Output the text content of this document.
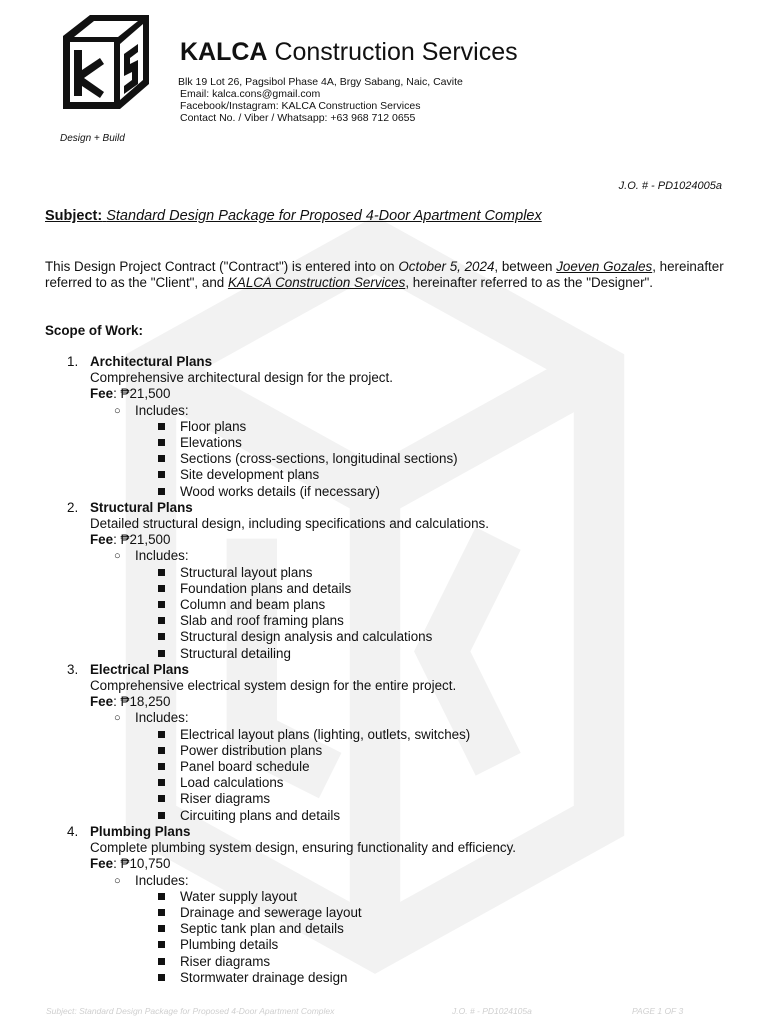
KALCA Construction Services
Blk 19 Lot 26, Pagsibol Phase 4A, Brgy Sabang, Naic, Cavite
Email: kalca.cons@gmail.com
Facebook/Instagram: KALCA Construction Services
Contact No. / Viber / Whatsapp: +63 968 712 0655
Design + Build
J.O. # - PD1024005a
Subject: Standard Design Package for Proposed 4-Door Apartment Complex
This Design Project Contract ("Contract") is entered into on October 5, 2024, between Joeven Gozales, hereinafter referred to as the "Client", and KALCA Construction Services, hereinafter referred to as the "Designer".
Scope of Work:
1. Architectural Plans
Comprehensive architectural design for the project.
Fee: ₱21,500
○ Includes:
Floor plans
Elevations
Sections (cross-sections, longitudinal sections)
Site development plans
Wood works details (if necessary)
2. Structural Plans
Detailed structural design, including specifications and calculations.
Fee: ₱21,500
○ Includes:
Structural layout plans
Foundation plans and details
Column and beam plans
Slab and roof framing plans
Structural design analysis and calculations
Structural detailing
3. Electrical Plans
Comprehensive electrical system design for the entire project.
Fee: ₱18,250
○ Includes:
Electrical layout plans (lighting, outlets, switches)
Power distribution plans
Panel board schedule
Load calculations
Riser diagrams
Circuiting plans and details
4. Plumbing Plans
Complete plumbing system design, ensuring functionality and efficiency.
Fee: ₱10,750
○ Includes:
Water supply layout
Drainage and sewerage layout
Septic tank plan and details
Plumbing details
Riser diagrams
Stormwater drainage design
Subject: Standard Design Package for Proposed 4-Door Apartment Complex	J.O. # - PD1024105a	PAGE 1 OF 3
